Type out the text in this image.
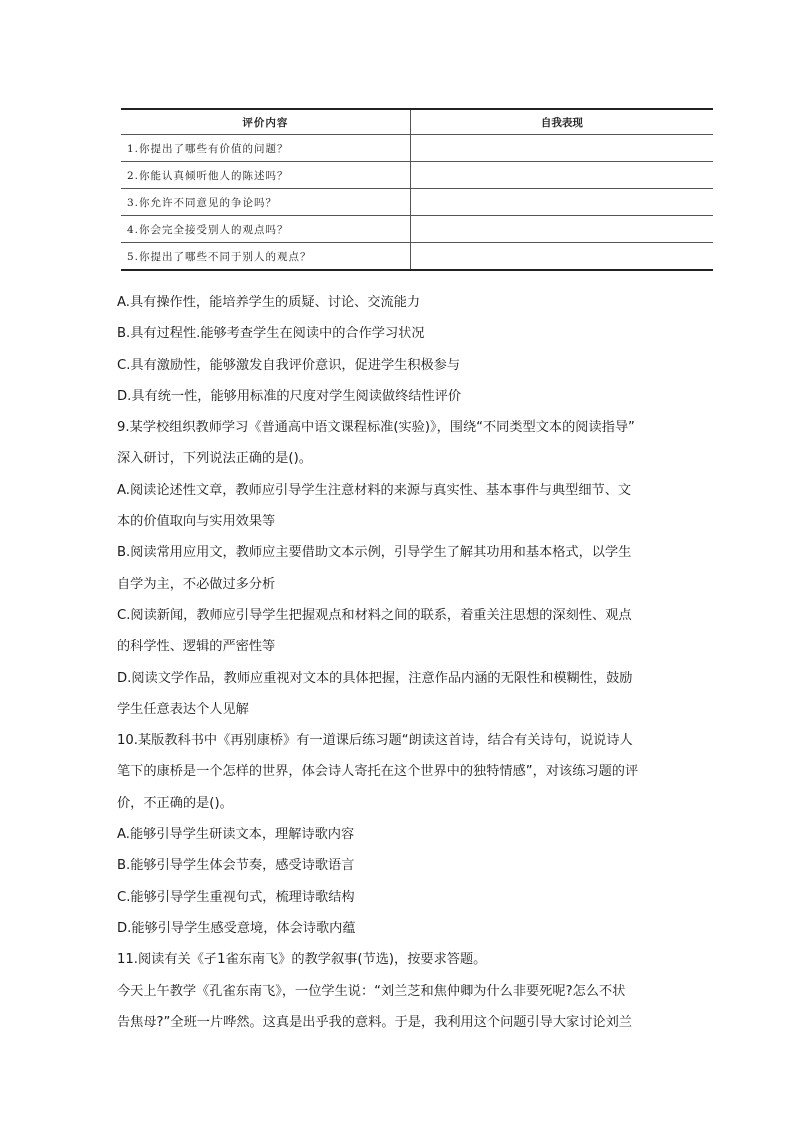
评价内容	自我表现
1.你提出了哪些有价值的问题？	
2.你能认真倾听他人的陈述吗？	
3.你允许不同意见的争论吗？	
4.你会完全接受别人的观点吗？	
5.你提出了哪些不同于别人的观点？	
A.具有操作性，能培养学生的质疑、讨论、交流能力
B.具有过程性.能够考查学生在阅读中的合作学习状况
C.具有激励性，能够激发自我评价意识，促进学生积极参与
D.具有统一性，能够用标准的尺度对学生阅读做终结性评价
9.某学校组织教师学习《普通高中语文课程标准(实验)》，围绕“不同类型文本的阅读指导”
深入研讨，下列说法正确的是()。
A.阅读论述性文章，教师应引导学生注意材料的来源与真实性、基本事件与典型细节、文
本的价值取向与实用效果等
B.阅读常用应用文，教师应主要借助文本示例，引导学生了解其功用和基本格式，以学生
自学为主，不必做过多分析
C.阅读新闻，教师应引导学生把握观点和材料之间的联系，着重关注思想的深刻性、观点
的科学性、逻辑的严密性等
D.阅读文学作品，教师应重视对文本的具体把握，注意作品内涵的无限性和模糊性，鼓励
学生任意表达个人见解
10.某版教科书中《再别康桥》有一道课后练习题“朗读这首诗，结合有关诗句，说说诗人
笔下的康桥是一个怎样的世界，体会诗人寄托在这个世界中的独特情感”，对该练习题的评
价，不正确的是()。
A.能够引导学生研读文本，理解诗歌内容
B.能够引导学生体会节奏，感受诗歌语言
C.能够引导学生重视句式，梳理诗歌结构
D.能够引导学生感受意境，体会诗歌内蕴
11.阅读有关《孑1雀东南飞》的教学叙事(节选)，按要求答题。
今天上午教学《孔雀东南飞》，一位学生说：“刘兰芝和焦仲卿为什么非要死呢?怎么不状
告焦母?”全班一片哗然。这真是出乎我的意料。于是，我利用这个问题引导大家讨论刘兰
